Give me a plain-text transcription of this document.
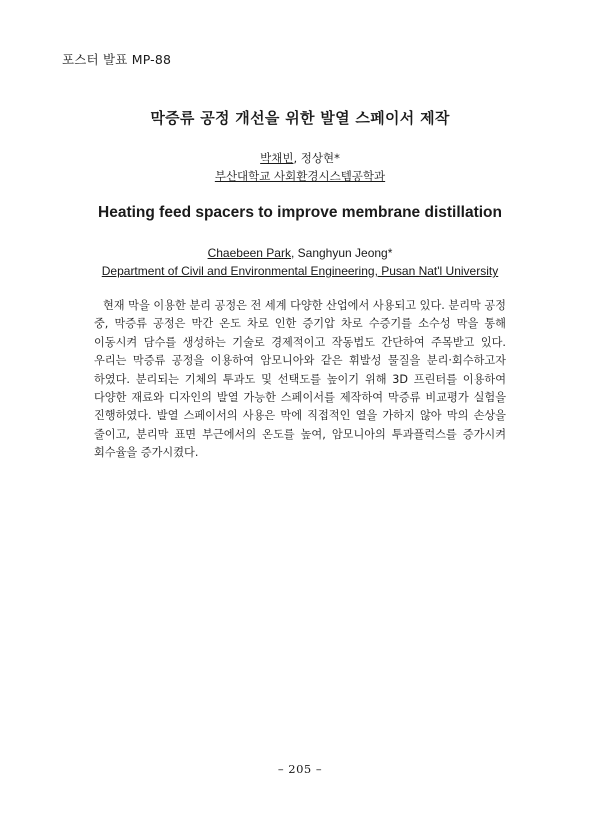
포스터 발표 MP-88
막증류 공정 개선을 위한 발열 스페이서 제작
박채빈, 정상현*
부산대학교 사회환경시스템공학과
Heating feed spacers to improve membrane distillation
Chaebeen Park, Sanghyun Jeong*
Department of Civil and Environmental Engineering, Pusan Nat'l University

현재 막을 이용한 분리 공정은 전 세계 다양한 산업에서 사용되고 있다. 분리막 공정 중, 막증류 공정은 막간 온도 차로 인한 증기압 차로 수증기를 소수성 막을 통해 이동시켜 담수를 생성하는 기술로 경제적이고 작동법도 간단하여 주목받고 있다. 우리는 막증류 공정을 이용하여 암모니아와 같은 휘발성 물질을 분리·회수하고자 하였다. 분리되는 기체의 투과도 및 선택도를 높이기 위해 3D 프린터를 이용하여 다양한 재료와 디자인의 발열 가능한 스페이서를 제작하여 막증류 비교평가 실험을 진행하였다. 발열 스페이서의 사용은 막에 직접적인 열을 가하지 않아 막의 손상을 줄이고, 분리막 표면 부근에서의 온도를 높여, 암모니아의 투과플럭스를 증가시켜 회수율을 증가시켰다.

– 205 –
